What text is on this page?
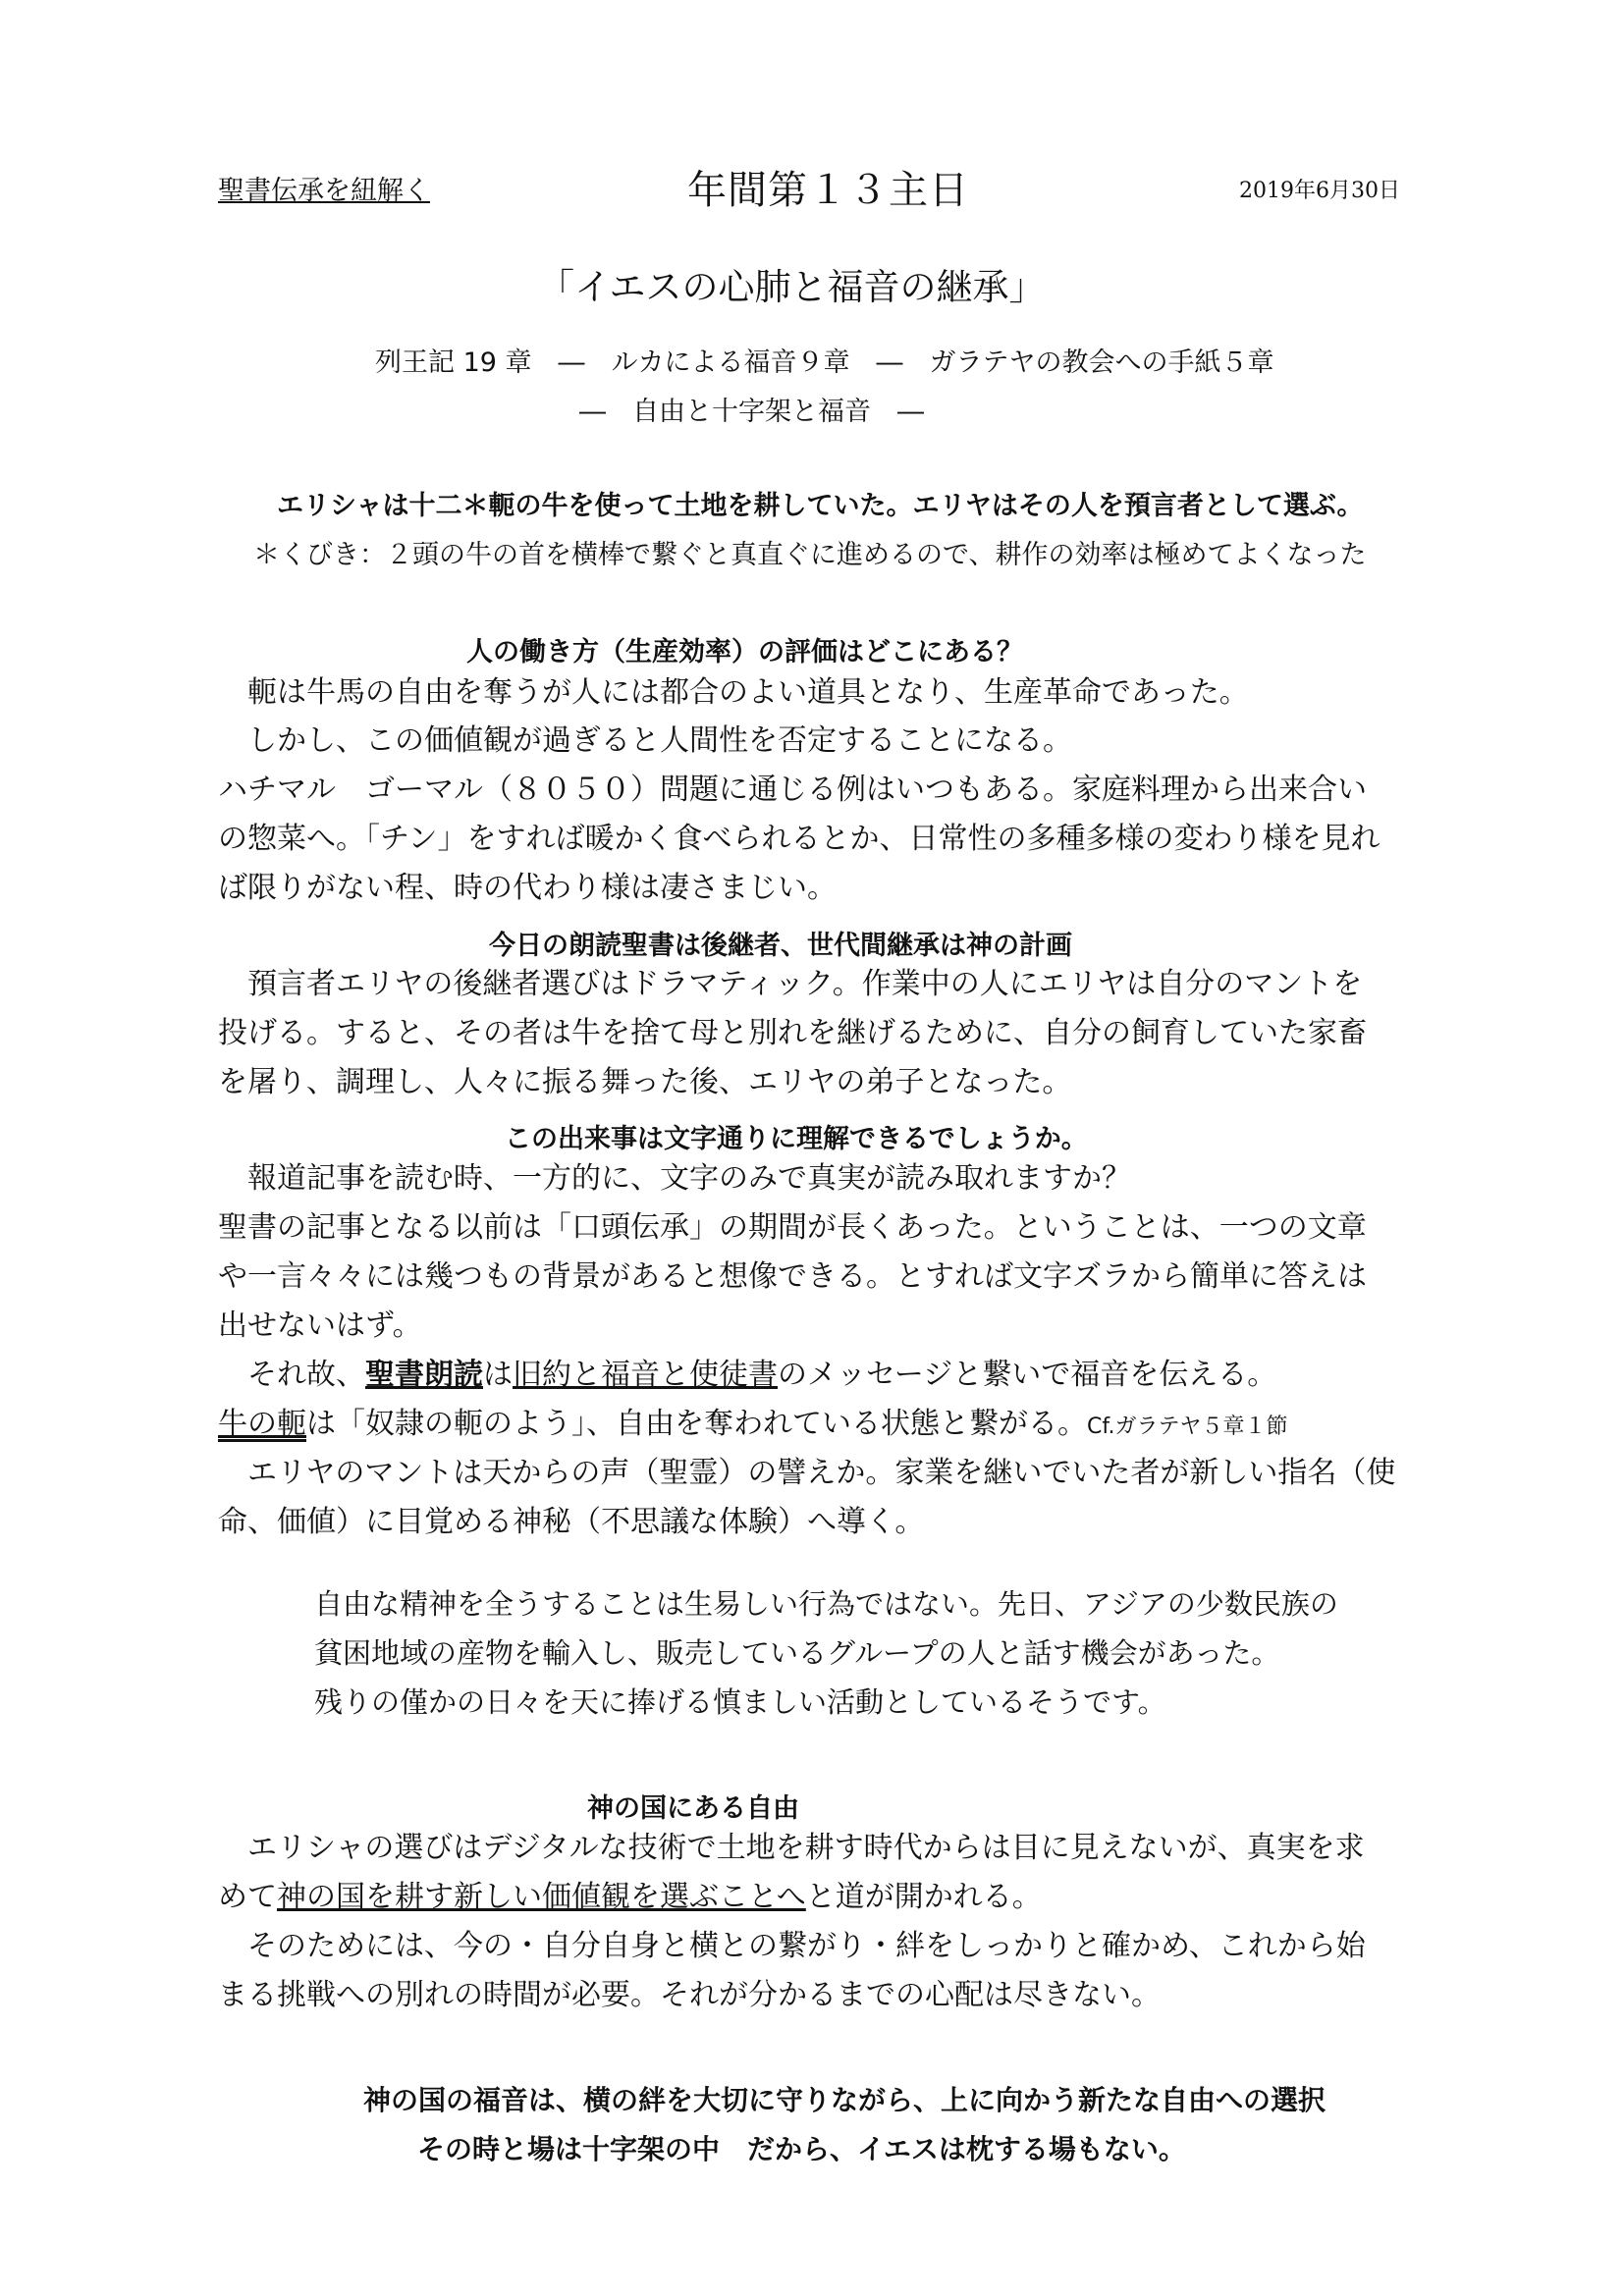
聖書伝承を紐解く	年間第１３主日	2019年6月30日
「イエスの心肺と福音の継承」
列王記 19 章　―　ルカによる福音９章　―　ガラテヤの教会への手紙５章
―　自由と十字架と福音　―
エリシャは十二＊軛の牛を使って土地を耕していた。エリヤはその人を預言者として選ぶ。
＊くびき：２頭の牛の首を横棒で繋ぐと真直ぐに進めるので、耕作の効率は極めてよくなった
人の働き方（生産効率）の評価はどこにある？
　軛は牛馬の自由を奪うが人には都合のよい道具となり、生産革命であった。
　しかし、この価値観が過ぎると人間性を否定することになる。
ハチマル　ゴーマル（８０５０）問題に通じる例はいつもある。家庭料理から出来合い
の惣菜へ。「チン」をすれば暖かく食べられるとか、日常性の多種多様の変わり様を見れ
ば限りがない程、時の代わり様は凄さまじい。
今日の朗読聖書は後継者、世代間継承は神の計画
　預言者エリヤの後継者選びはドラマティック。作業中の人にエリヤは自分のマントを
投げる。すると、その者は牛を捨て母と別れを継げるために、自分の飼育していた家畜
を屠り、調理し、人々に振る舞った後、エリヤの弟子となった。
この出来事は文字通りに理解できるでしょうか。
　報道記事を読む時、一方的に、文字のみで真実が読み取れますか？
聖書の記事となる以前は「口頭伝承」の期間が長くあった。ということは、一つの文章
や一言々々には幾つもの背景があると想像できる。とすれば文字ズラから簡単に答えは
出せないはず。
　それ故、聖書朗読は旧約と福音と使徒書のメッセージと繋いで福音を伝える。
牛の軛は「奴隷の軛のよう」、自由を奪われている状態と繋がる。Cf.ガラテヤ５章１節
　エリヤのマントは天からの声（聖霊）の譬えか。家業を継いでいた者が新しい指名（使
命、価値）に目覚める神秘（不思議な体験）へ導く。
自由な精神を全うすることは生易しい行為ではない。先日、アジアの少数民族の
貧困地域の産物を輸入し、販売しているグループの人と話す機会があった。
残りの僅かの日々を天に捧げる慎ましい活動としているそうです。
神の国にある自由
　エリシャの選びはデジタルな技術で土地を耕す時代からは目に見えないが、真実を求
めて神の国を耕す新しい価値観を選ぶことへと道が開かれる。
　そのためには、今の・自分自身と横との繋がり・絆をしっかりと確かめ、これから始
まる挑戦への別れの時間が必要。それが分かるまでの心配は尽きない。
神の国の福音は、横の絆を大切に守りながら、上に向かう新たな自由への選択
その時と場は十字架の中　だから、イエスは枕する場もない。
